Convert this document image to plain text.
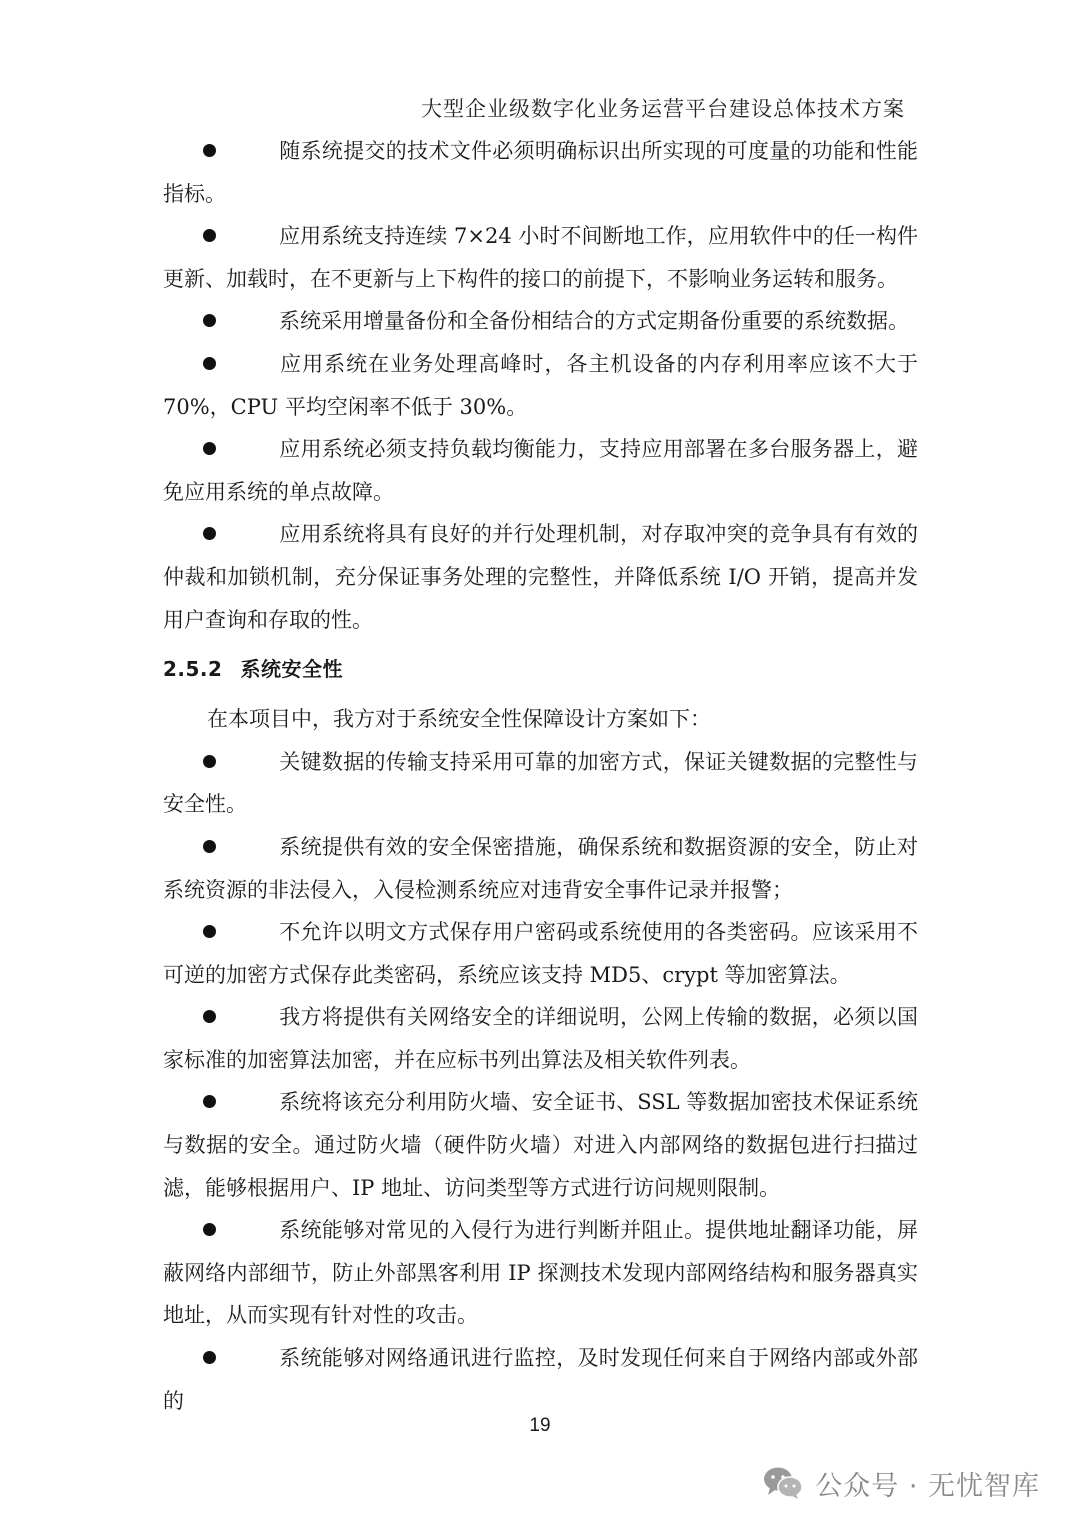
大型企业级数字化业务运营平台建设总体技术方案

随系统提交的技术文件必须明确标识出所实现的可度量的功能和性能指标。

应用系统支持连续 7×24 小时不间断地工作，应用软件中的任一构件更新、加载时，在不更新与上下构件的接口的前提下，不影响业务运转和服务。

系统采用增量备份和全备份相结合的方式定期备份重要的系统数据。

应用系统在业务处理高峰时，各主机设备的内存利用率应该不大于70%，CPU 平均空闲率不低于 30%。

应用系统必须支持负载均衡能力，支持应用部署在多台服务器上，避免应用系统的单点故障。

应用系统将具有良好的并行处理机制，对存取冲突的竞争具有有效的仲裁和加锁机制，充分保证事务处理的完整性，并降低系统 I/O 开销，提高并发用户查询和存取的性。

2.5.2 系统安全性

在本项目中，我方对于系统安全性保障设计方案如下：

关键数据的传输支持采用可靠的加密方式，保证关键数据的完整性与安全性。

系统提供有效的安全保密措施，确保系统和数据资源的安全，防止对系统资源的非法侵入，入侵检测系统应对违背安全事件记录并报警；

不允许以明文方式保存用户密码或系统使用的各类密码。应该采用不可逆的加密方式保存此类密码，系统应该支持 MD5、crypt 等加密算法。

我方将提供有关网络安全的详细说明，公网上传输的数据，必须以国家标准的加密算法加密，并在应标书列出算法及相关软件列表。

系统将该充分利用防火墙、安全证书、SSL 等数据加密技术保证系统与数据的安全。通过防火墙（硬件防火墙）对进入内部网络的数据包进行扫描过滤，能够根据用户、IP 地址、访问类型等方式进行访问规则限制。

系统能够对常见的入侵行为进行判断并阻止。提供地址翻译功能，屏蔽网络内部细节，防止外部黑客利用 IP 探测技术发现内部网络结构和服务器真实地址，从而实现有针对性的攻击。

系统能够对网络通讯进行监控，及时发现任何来自于网络内部或外部的

19
公众号 · 无忧智库
